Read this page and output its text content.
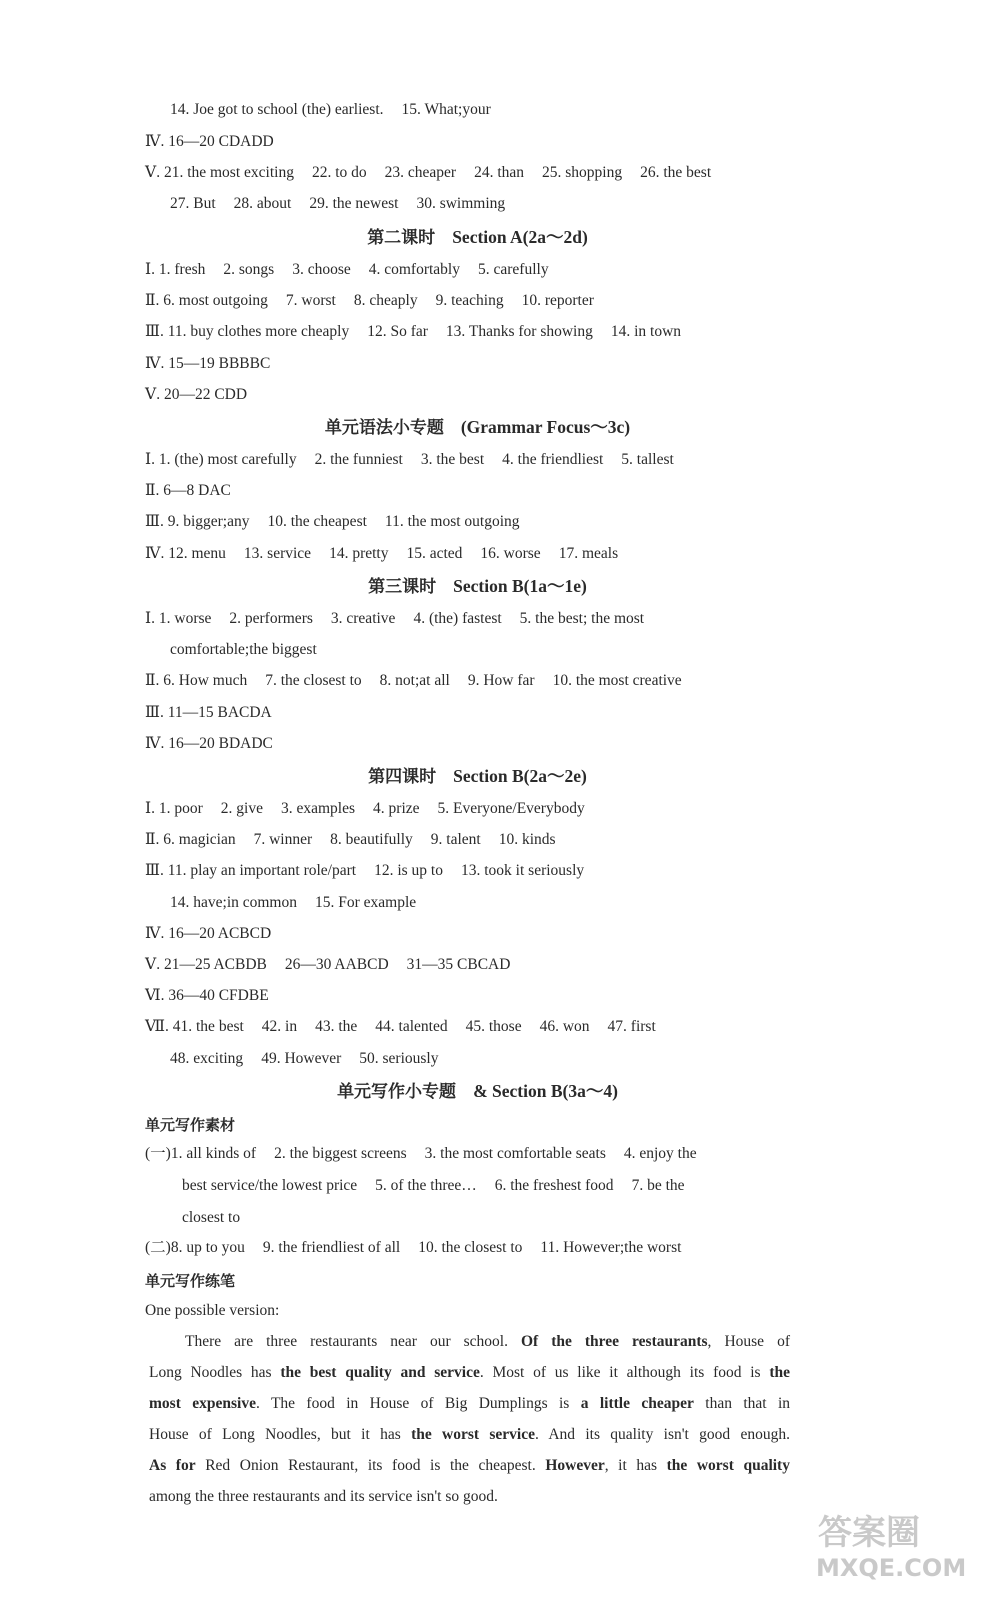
14. Joe got to school (the) earliest. 15. What;your
Ⅳ. 16—20 CDADD
Ⅴ. 21. the most exciting 22. to do 23. cheaper 24. than 25. shopping 26. the best
27. But 28. about 29. the newest 30. swimming
Ⅰ. 1. fresh 2. songs 3. choose 4. comfortably 5. carefully
Ⅱ. 6. most outgoing 7. worst 8. cheaply 9. teaching 10. reporter
Ⅲ. 11. buy clothes more cheaply 12. So far 13. Thanks for showing 14. in town
Ⅳ. 15—19 BBBBC
Ⅴ. 20—22 CDD
Ⅰ. 1. (the) most carefully 2. the funniest 3. the best 4. the friendliest 5. tallest
Ⅱ. 6—8 DAC
Ⅲ. 9. bigger;any 10. the cheapest 11. the most outgoing
Ⅳ. 12. menu 13. service 14. pretty 15. acted 16. worse 17. meals
Ⅰ. 1. worse 2. performers 3. creative 4. (the) fastest 5. the best; the most
comfortable;the biggest
Ⅱ. 6. How much 7. the closest to 8. not;at all 9. How far 10. the most creative
Ⅲ. 11—15 BACDA
Ⅳ. 16—20 BDADC
Ⅰ. 1. poor 2. give 3. examples 4. prize 5. Everyone/Everybody
Ⅱ. 6. magician 7. winner 8. beautifully 9. talent 10. kinds
Ⅲ. 11. play an important role/part 12. is up to 13. took it seriously
14. have;in common 15. For example
Ⅳ. 16—20 ACBCD
Ⅴ. 21—25 ACBDB 26—30 AABCD 31—35 CBCAD
Ⅵ. 36—40 CFDBE
Ⅶ. 41. the best 42. in 43. the 44. talented 45. those 46. won 47. first
48. exciting 49. However 50. seriously
(一)1. all kinds of 2. the biggest screens 3. the most comfortable seats 4. enjoy the
best service/the lowest price 5. of the three… 6. the freshest food 7. be the
closest to
(二)8. up to you 9. the friendliest of all 10. the closest to 11. However;the worst
第二课时  Section A(2a～2d)
单元语法小专题  (Grammar Focus～3c)
第三课时  Section B(1a～1e)
第四课时  Section B(2a～2e)
单元写作小专题  & Section B(3a～4)
单元写作素材
单元写作练笔
One possible version:
There are three restaurants near our school. Of the three restaurants, House of
Long Noodles has the best quality and service. Most of us like it although its food is the
most expensive. The food in House of Big Dumplings is a little cheaper than that in
House of Long Noodles, but it has the worst service. And its quality isn't good enough.
As for Red Onion Restaurant, its food is the cheapest. However, it has the worst quality
among the three restaurants and its service isn't so good.
答案圈
MXQE.COM
